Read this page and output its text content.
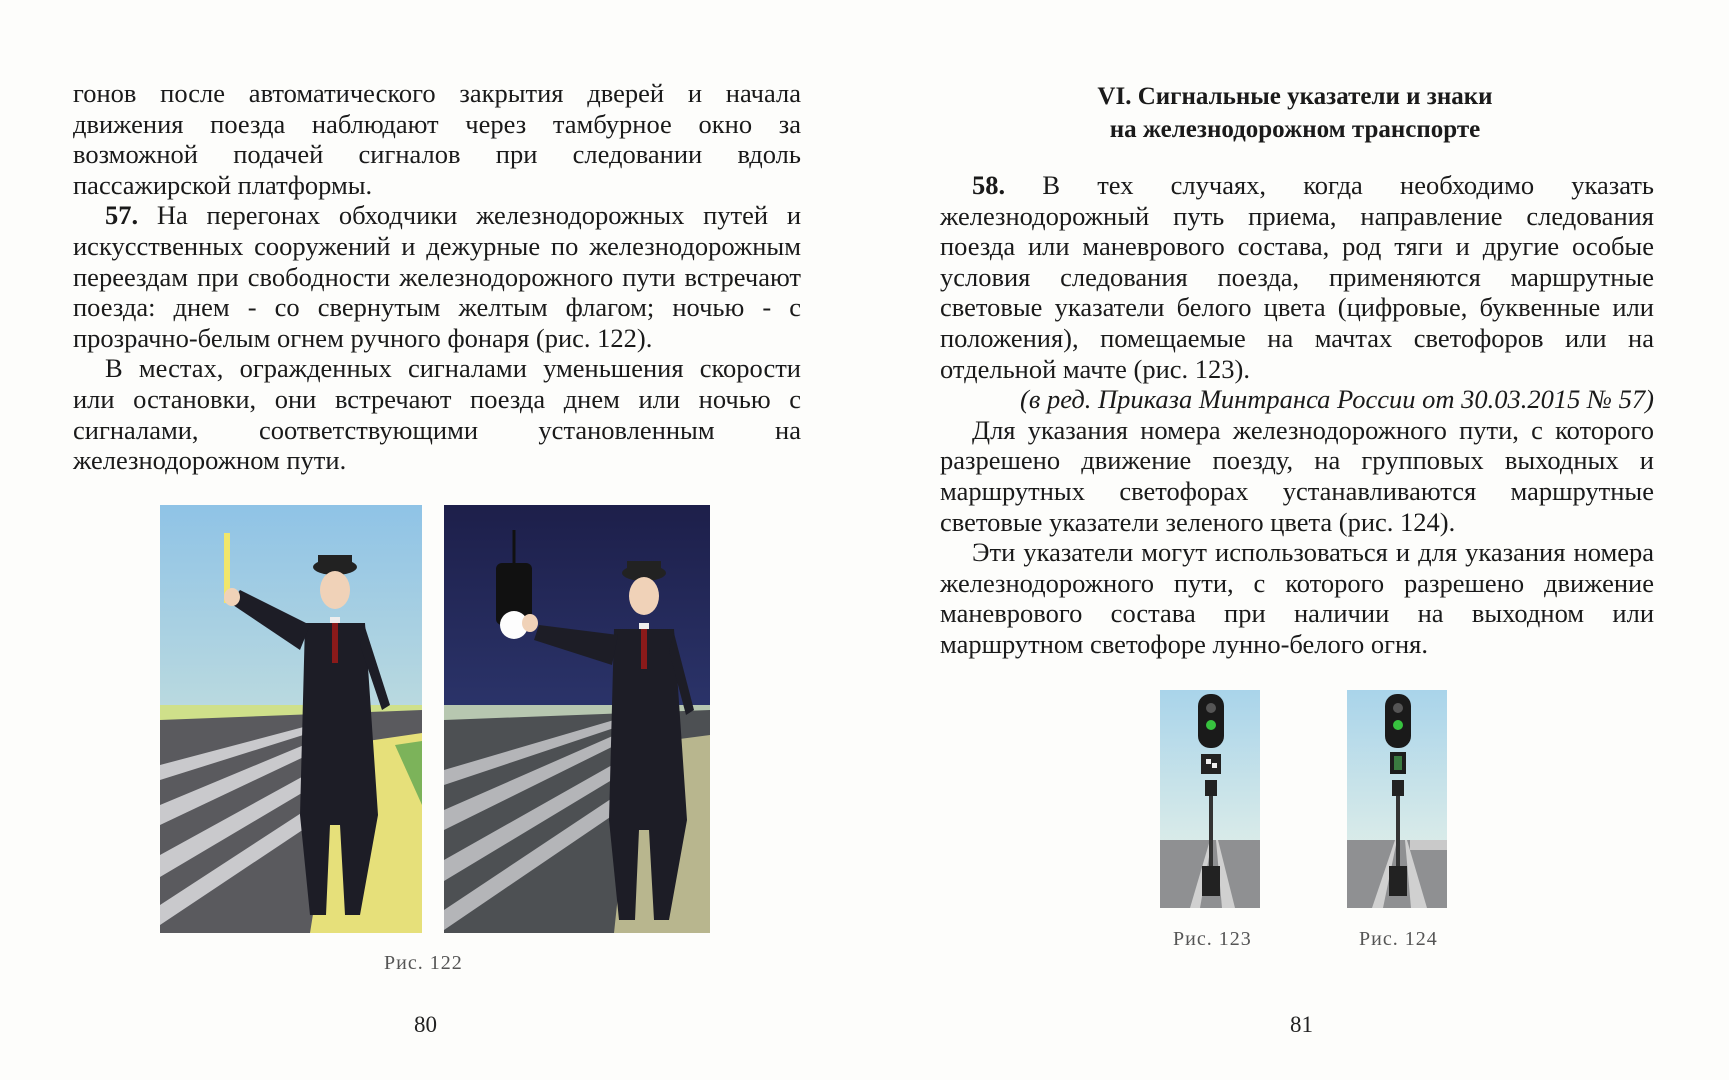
гонов после автоматического закрытия дверей и начала движения поезда наблюдают через тамбурное окно за возможной подачей сигналов при следовании вдоль пассажирской платформы.

57. На перегонах обходчики железнодорожных путей и искусственных сооружений и дежурные по железнодорожным переездам при свободности железнодорожного пути встречают поезда: днем - со свернутым желтым флагом; ночью - с прозрачно-белым огнем ручного фонаря (рис. 122).

В местах, огражденных сигналами уменьшения скорости или остановки, они встречают поезда днем или ночью с сигналами, соответствующими установленным на железнодорожном пути.

Рис. 122
80
VI. Сигнальные указатели и знаки
на железнодорожном транспорте

58. В тех случаях, когда необходимо указать железнодорожный путь приема, направление следования поезда или маневрового состава, род тяги и другие особые условия следования поезда, применяются маршрутные световые указатели белого цвета (цифровые, буквенные или положения), помещаемые на мачтах светофоров или на отдельной мачте (рис. 123).

(в ред. Приказа Минтранса России от 30.03.2015 № 57)

Для указания номера железнодорожного пути, с которого разрешено движение поезду, на групповых выходных и маршрутных светофорах устанавливаются маршрутные световые указатели зеленого цвета (рис. 124).

Эти указатели могут использоваться и для указания номера железнодорожного пути, с которого разрешено движение маневрового состава при наличии на выходном или маршрутном светофоре лунно-белого огня.

Рис. 123	Рис. 124
81
